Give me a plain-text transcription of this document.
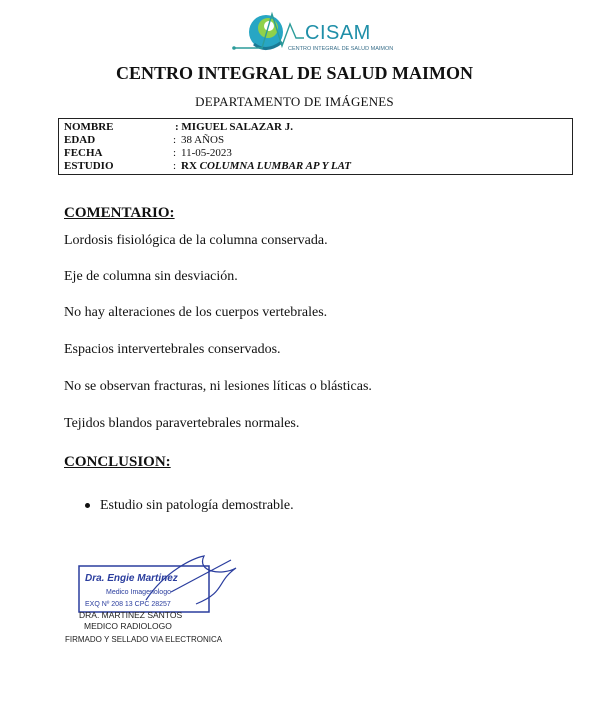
CISAM
CENTRO INTEGRAL DE SALUD MAIMON
CENTRO INTEGRAL DE SALUD MAIMON
DEPARTAMENTO DE IMÁGENES
NOMBRE	: MIGUEL SALAZAR J.
EDAD	: 38 AÑOS
FECHA	: 11-05-2023
ESTUDIO	: RX COLUMNA LUMBAR AP Y LAT
COMENTARIO:
Lordosis fisiológica de la columna conservada.
Eje de columna sin desviación.
No hay alteraciones de los cuerpos vertebrales.
Espacios intervertebrales conservados.
No se observan fracturas, ni lesiones líticas o blásticas.
Tejidos blandos paravertebrales normales.
CONCLUSION:
Estudio sin patología demostrable.
Dra. Engie Martinez
Medico Imagenologo
EXQ Nº 208 13 CPC 28257
DRA. MARTINEZ SANTOS
MEDICO RADIOLOGO
FIRMADO Y SELLADO VIA ELECTRONICA
